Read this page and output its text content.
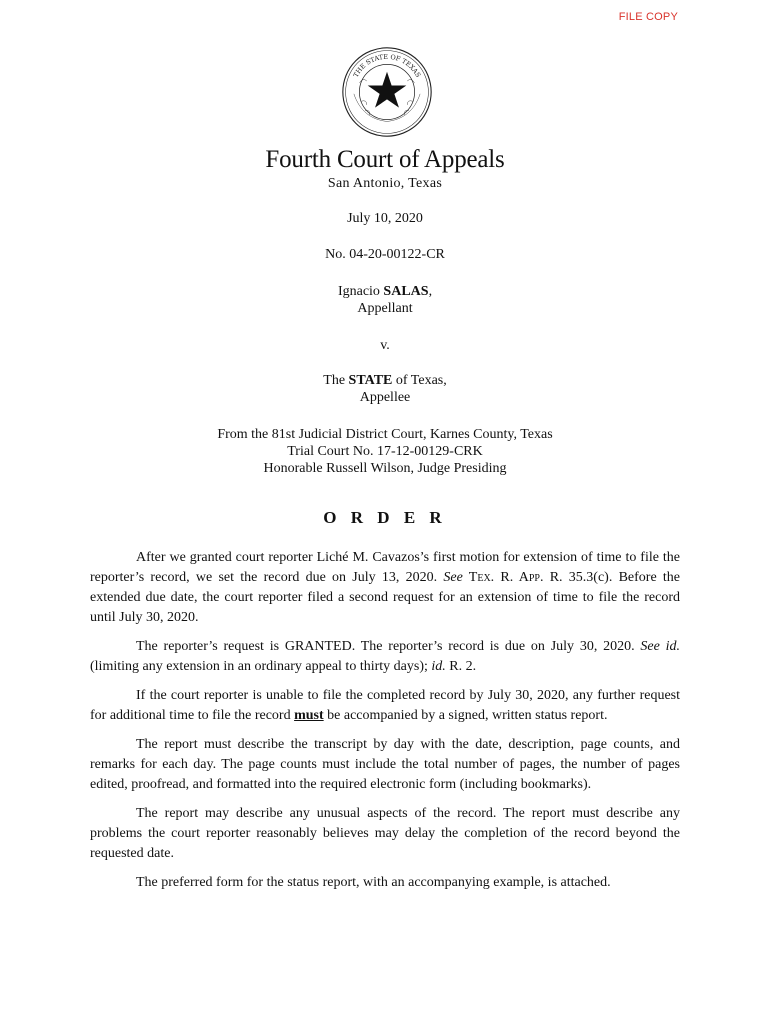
FILE COPY
THE STATE OF TEXAS
Fourth Court of Appeals
San Antonio, Texas
July 10, 2020
No. 04-20-00122-CR
Ignacio SALAS,
Appellant
v.
The STATE of Texas,
Appellee
From the 81st Judicial District Court, Karnes County, Texas
Trial Court No. 17-12-00129-CRK
Honorable Russell Wilson, Judge Presiding
O R D E R

After we granted court reporter Liché M. Cavazos’s first motion for extension of time to file the reporter’s record, we set the record due on July 13, 2020. See Tex. R. App. R. 35.3(c). Before the extended due date, the court reporter filed a second request for an extension of time to file the record until July 30, 2020.

The reporter’s request is GRANTED. The reporter’s record is due on July 30, 2020. See id. (limiting any extension in an ordinary appeal to thirty days); id. R. 2.

If the court reporter is unable to file the completed record by July 30, 2020, any further request for additional time to file the record must be accompanied by a signed, written status report.

The report must describe the transcript by day with the date, description, page counts, and remarks for each day. The page counts must include the total number of pages, the number of pages edited, proofread, and formatted into the required electronic form (including bookmarks).

The report may describe any unusual aspects of the record. The report must describe any problems the court reporter reasonably believes may delay the completion of the record beyond the requested date.

The preferred form for the status report, with an accompanying example, is attached.
